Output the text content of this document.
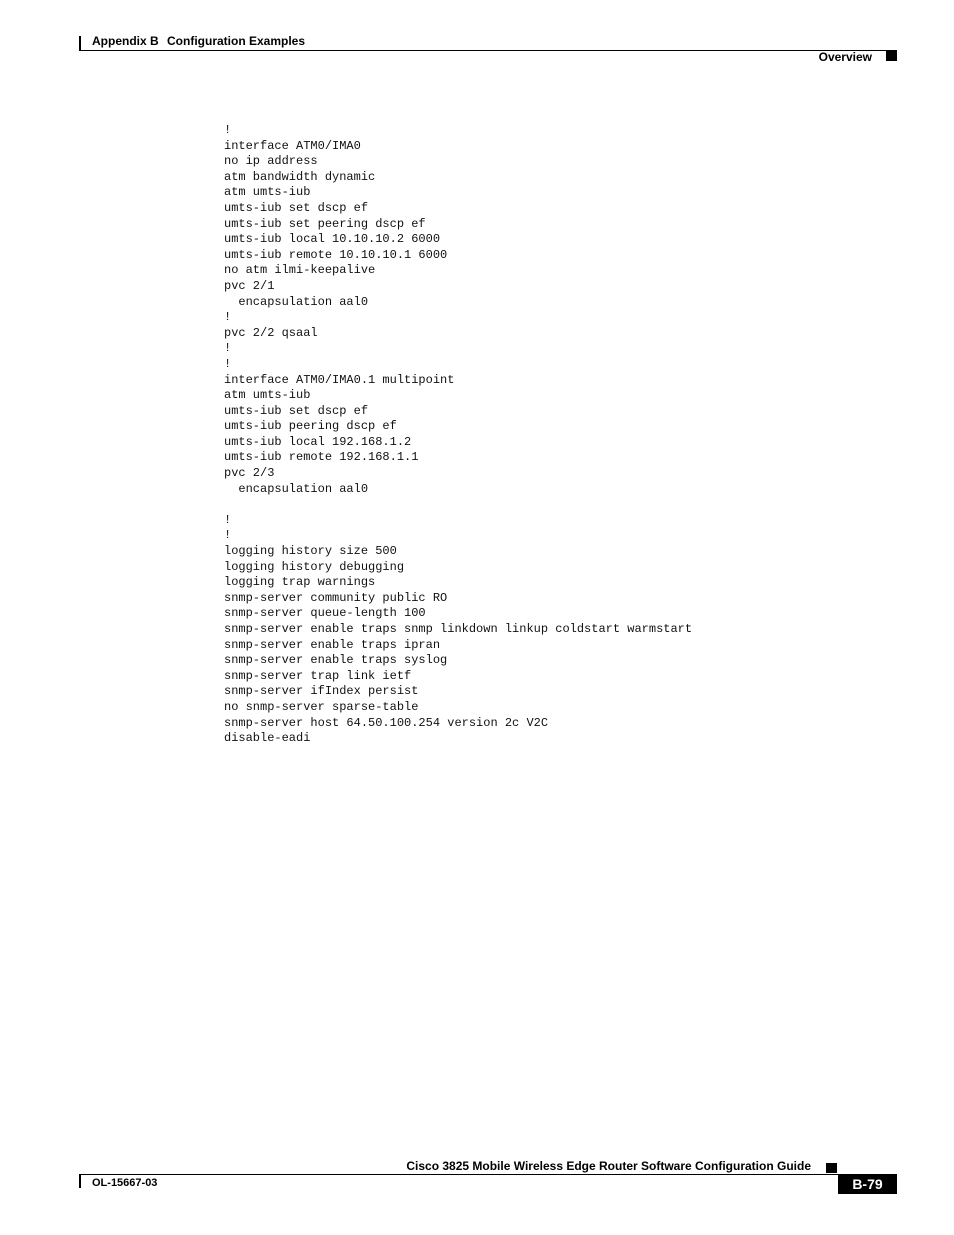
Appendix B Configuration Examples
Overview
!
interface ATM0/IMA0
no ip address
atm bandwidth dynamic
atm umts-iub
umts-iub set dscp ef
umts-iub set peering dscp ef
umts-iub local 10.10.10.2 6000
umts-iub remote 10.10.10.1 6000
no atm ilmi-keepalive
pvc 2/1
encapsulation aal0
!
pvc 2/2 qsaal
!
!
interface ATM0/IMA0.1 multipoint
atm umts-iub
umts-iub set dscp ef
umts-iub peering dscp ef
umts-iub local 192.168.1.2
umts-iub remote 192.168.1.1
pvc 2/3
encapsulation aal0
!
!
logging history size 500
logging history debugging
logging trap warnings
snmp-server community public RO
snmp-server queue-length 100
snmp-server enable traps snmp linkdown linkup coldstart warmstart
snmp-server enable traps ipran
snmp-server enable traps syslog
snmp-server trap link ietf
snmp-server ifIndex persist
no snmp-server sparse-table
snmp-server host 64.50.100.254 version 2c V2C
disable-eadi
Cisco 3825 Mobile Wireless Edge Router Software Configuration Guide
OL-15667-03	B-79
